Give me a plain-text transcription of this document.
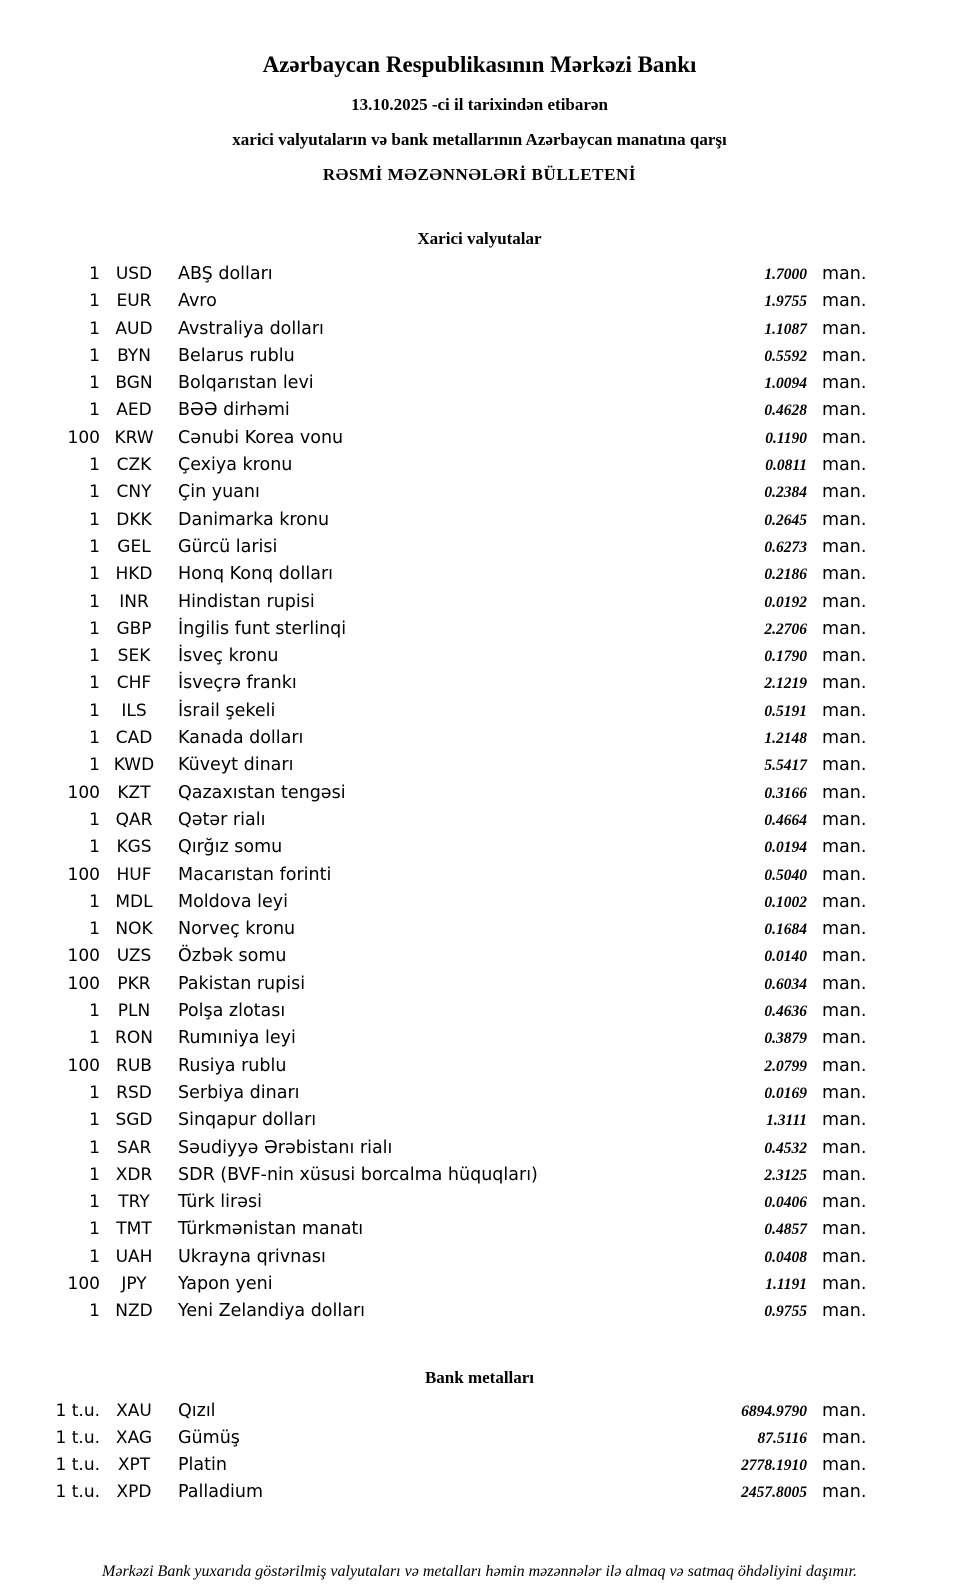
Azərbaycan Respublikasının Mərkəzi Bankı
13.10.2025 -ci il tarixindən etibarən
xarici valyutaların və bank metallarının Azərbaycan manatına qarşı
RƏSMİ MƏZƏNNƏLƏRİ BÜLLETENİ
Xarici valyutalar
1 USD	ABŞ dolları	1.7000 man.
1 EUR	Avro	1.9755 man.
1 AUD	Avstraliya dolları	1.1087 man.
1	BYN	Belarus rublu	0.5592 man.
1 BGN	Bolqarıstan levi	1.0094 man.
1 AED	BƏƏ dirhəmi	0.4628 man.
100 KRW	Cənubi Korea vonu	0.1190 man.
1 CZK	Çexiya kronu	0.0811 man.
1 CNY	Çin yuanı	0.2384 man.
1 DKK	Danimarka kronu	0.2645 man.
1	GEL	Gürcü larisi	0.6273 man.
1 HKD	Honq Konq dolları	0.2186 man.
1	INR	Hindistan rupisi	0.0192 man.
1 GBP	İngilis funt sterlinqi	2.2706 man.
1	SEK	İsveç kronu	0.1790 man.
1 CHF	İsveçrə frankı	2.1219 man.
1	ILS	İsrail şekeli	0.5191 man.
1 CAD	Kanada dolları	1.2148 man.
1 KWD	Küveyt dinarı	5.5417 man.
100	KZT	Qazaxıstan tengəsi	0.3166 man.
1 QAR	Qətər rialı	0.4664 man.
1 KGS	Qırğız somu	0.0194 man.
100 HUF	Macarıstan forinti	0.5040 man.
1 MDL	Moldova leyi	0.1002 man.
1 NOK	Norveç kronu	0.1684 man.
100 UZS	Özbək somu	0.0140 man.
100	PKR	Pakistan rupisi	0.6034 man.
1	PLN	Polşa zlotası	0.4636 man.
1 RON	Rumıniya leyi	0.3879 man.
100 RUB	Rusiya rublu	2.0799 man.
1 RSD	Serbiya dinarı	0.0169 man.
1 SGD	Sinqapur dolları	1.3111 man.
1 SAR	Səudiyyə Ərəbistanı rialı	0.4532 man.
1 XDR	SDR (BVF-nin xüsusi borcalma hüquqları)	2.3125 man.
1	TRY	Türk lirəsi	0.0406 man.
1 TMT	Türkmənistan manatı	0.4857 man.
1 UAH	Ukrayna qrivnası	0.0408 man.
100	JPY	Yapon yeni	1.1191 man.
1 NZD	Yeni Zelandiya dolları	0.9755 man.
Bank metalları
1 t.u. XAU	Qızıl	6894.9790 man.
1 t.u. XAG	Gümüş	87.5116 man.
1 t.u.	XPT	Platin	2778.1910 man.
1 t.u. XPD	Palladium	2457.8005 man.
Mərkəzi Bank yuxarıda göstərilmiş valyutaları və metalları həmin məzənnələr ilə almaq və satmaq öhdəliyini daşımır.
